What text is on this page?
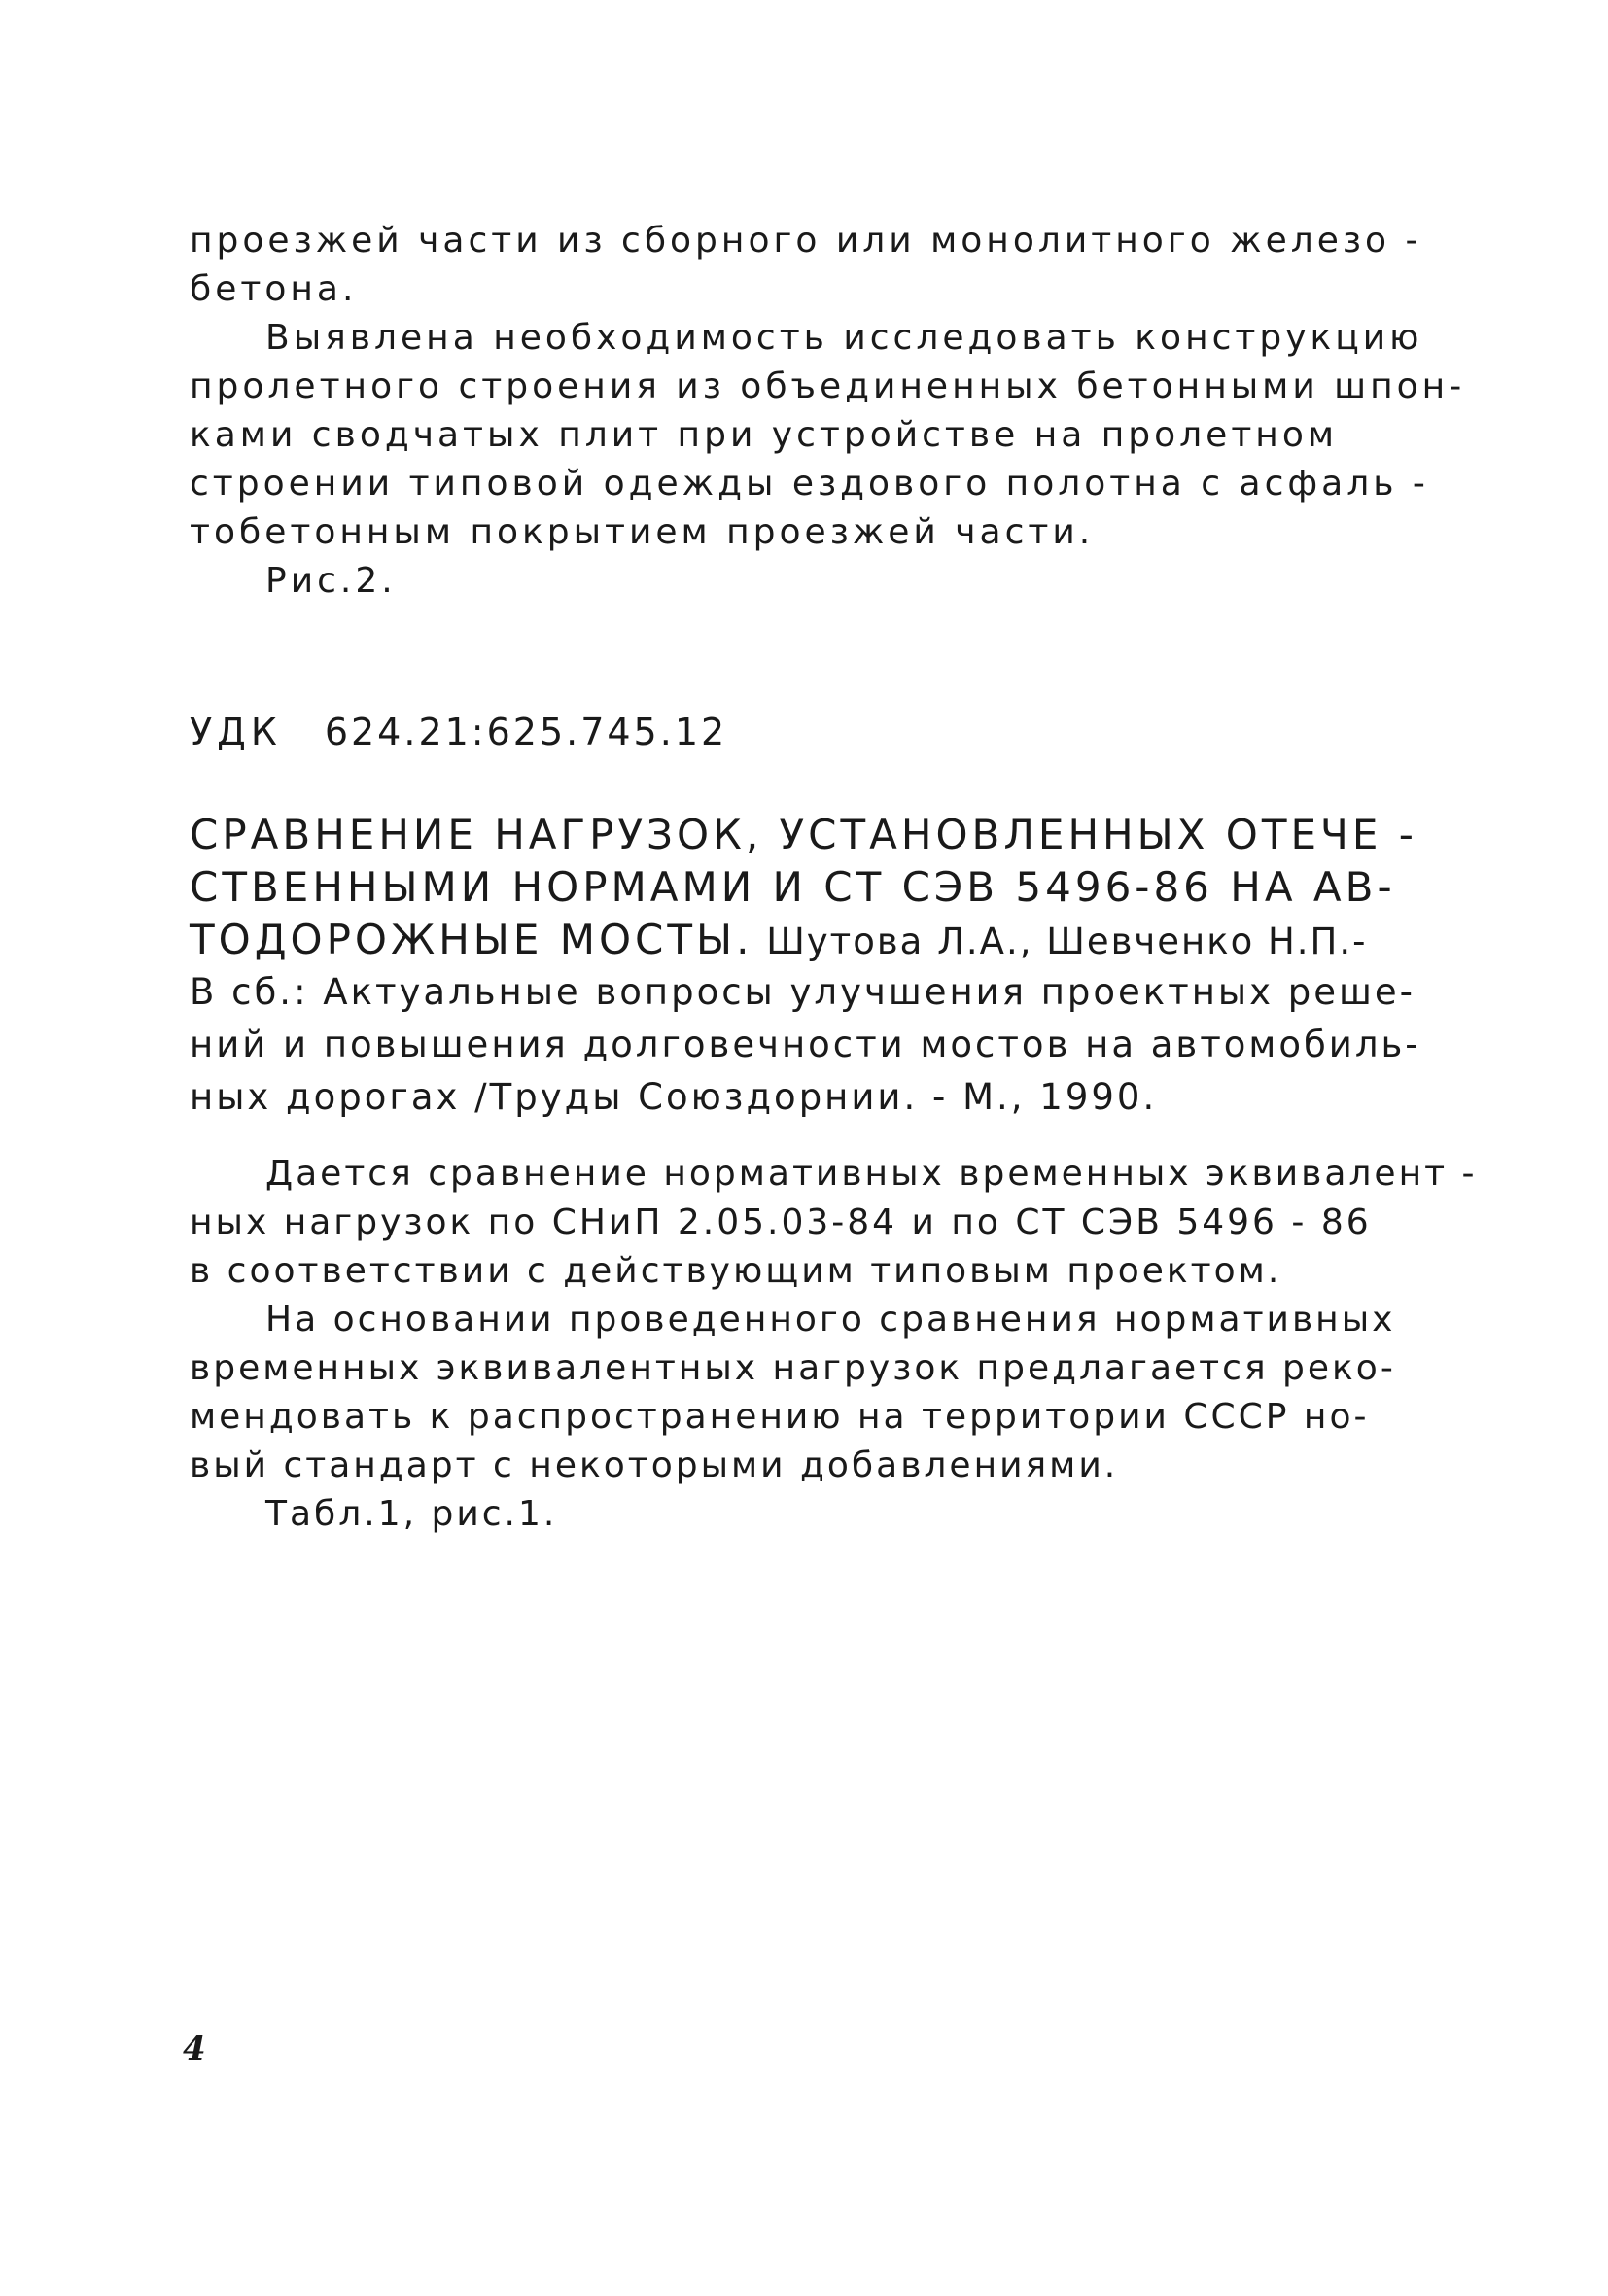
проезжей части из сборного или монолитного железо -
бетона.
Выявлена необходимость исследовать конструкцию
пролетного строения из объединенных бетонными шпон-
ками сводчатых плит при устройстве на пролетном
строении типовой одежды ездового полотна с асфаль -
тобетонным покрытием проезжей части.
Рис.2.
УДК 624.21:625.745.12
СРАВНЕНИЕ НАГРУЗОК, УСТАНОВЛЕННЫХ ОТЕЧЕ -
СТВЕННЫМИ НОРМАМИ И СТ СЭВ 5496-86 НА АВ-
ТОДОРОЖНЫЕ МОСТЫ. Шутова Л.А., Шевченко Н.П.-
В сб.: Актуальные вопросы улучшения проектных реше-
ний и повышения долговечности мостов на автомобиль-
ных дорогах /Труды Союздорнии. - М., 1990.
Дается сравнение нормативных временных эквивалент -
ных нагрузок по СНиП 2.05.03-84 и по СТ СЭВ 5496 - 86
в соответствии с действующим типовым проектом.
На основании проведенного сравнения нормативных
временных эквивалентных нагрузок предлагается реко-
мендовать к распространению на территории СССР но-
вый стандарт с некоторыми добавлениями.
Табл.1, рис.1.
4
